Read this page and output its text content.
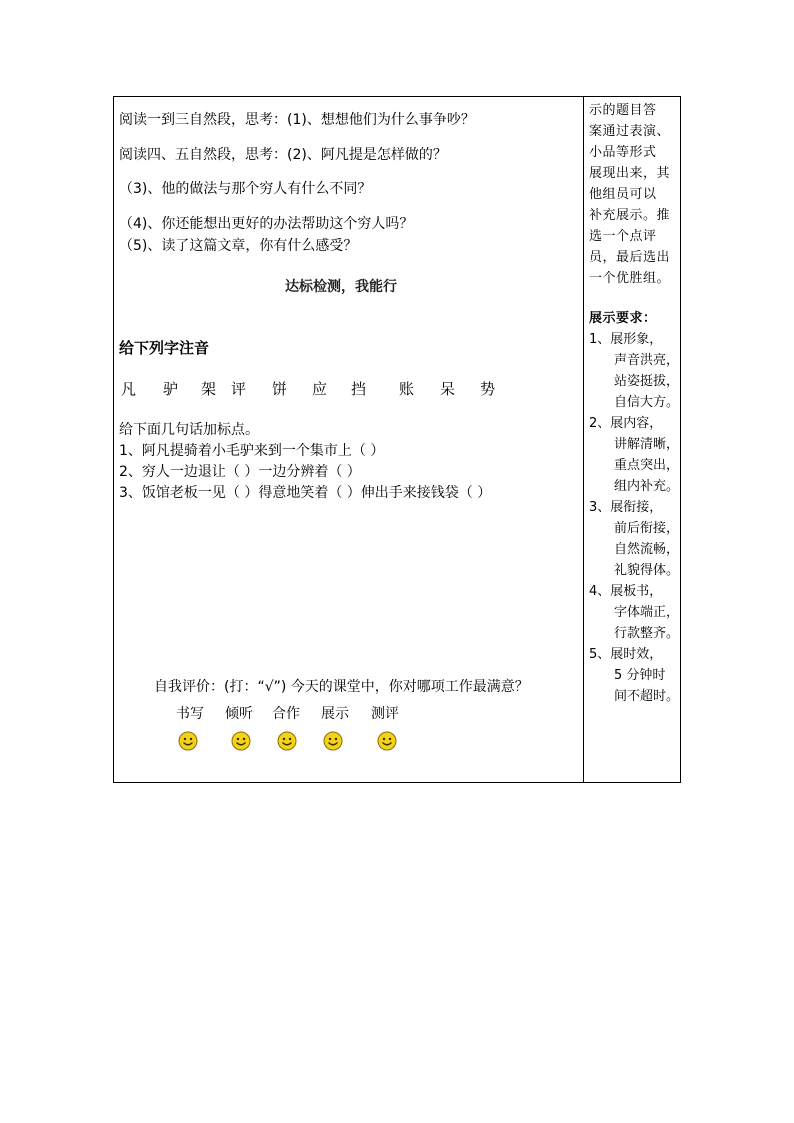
阅读一到三自然段，思考：(1)、想想他们为什么事争吵？
阅读四、五自然段，思考：(2)、阿凡提是怎样做的？
（3)、他的做法与那个穷人有什么不同？
（4)、你还能想出更好的办法帮助这个穷人吗？
（5)、读了这篇文章，你有什么感受？
达标检测，我能行
给下列字注音
凡 驴 架 评 饼 应 挡 账 呆 势
给下面几句话加标点。
1、阿凡提骑着小毛驴来到一个集市上（ ）
2、穷人一边退让（ ）一边分辨着（ ）
3、饭馆老板一见（ ）得意地笑着（ ）伸出手来接钱袋（ ）
自我评价：(打：“√”) 今天的课堂中，你对哪项工作最满意？
书写 倾听 合作 展示 测评
示的题目答
案通过表演、
小品等形式
展现出来，其
他组员可以
补充展示。推
选一个点评
员，最后选出
一个优胜组。
展示要求：
1、展形象，
声音洪亮，
站姿挺拔，
自信大方。
2、展内容，
讲解清晰，
重点突出，
组内补充。
3、展衔接，
前后衔接，
自然流畅，
礼貌得体。
4、展板书，
字体端正，
行款整齐。
5、展时效，
5 分钟时
间不超时。
